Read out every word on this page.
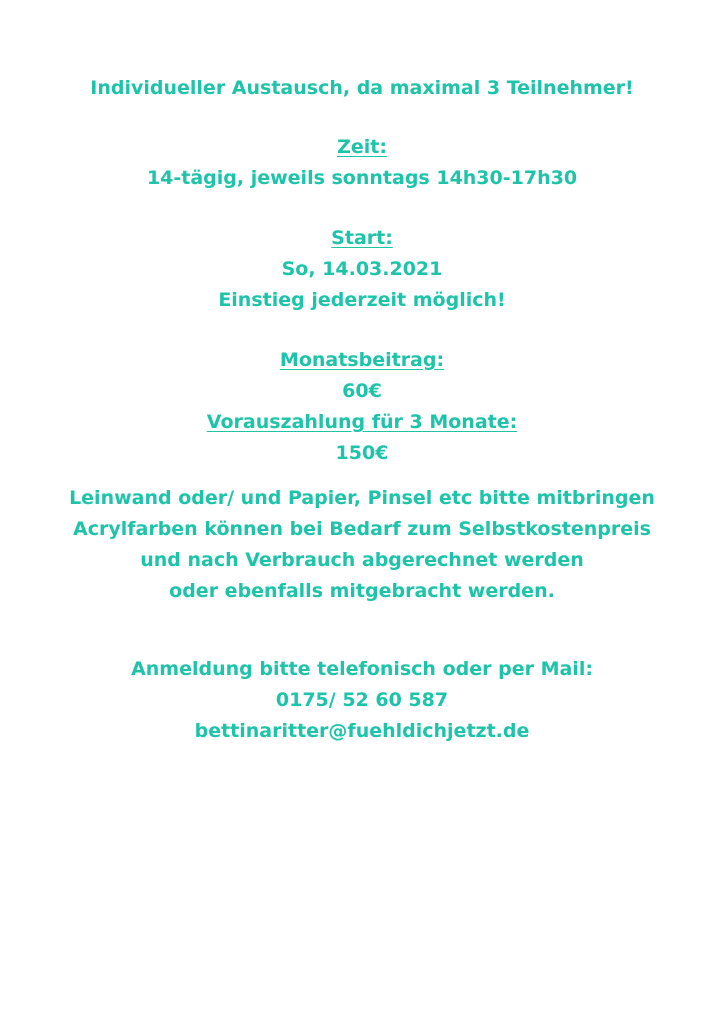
Individueller Austausch, da maximal 3 Teilnehmer!
Zeit:
14-tägig, jeweils sonntags 14h30-17h30
Start:
So, 14.03.2021
Einstieg jederzeit möglich!
Monatsbeitrag:
60€
Vorauszahlung für 3 Monate:
150€
Leinwand oder/ und Papier, Pinsel etc bitte mitbringen
Acrylfarben können bei Bedarf zum Selbstkostenpreis
und nach Verbrauch abgerechnet werden
oder ebenfalls mitgebracht werden.
Anmeldung bitte telefonisch oder per Mail:
0175/ 52 60 587
bettinaritter@fuehldichjetzt.de
